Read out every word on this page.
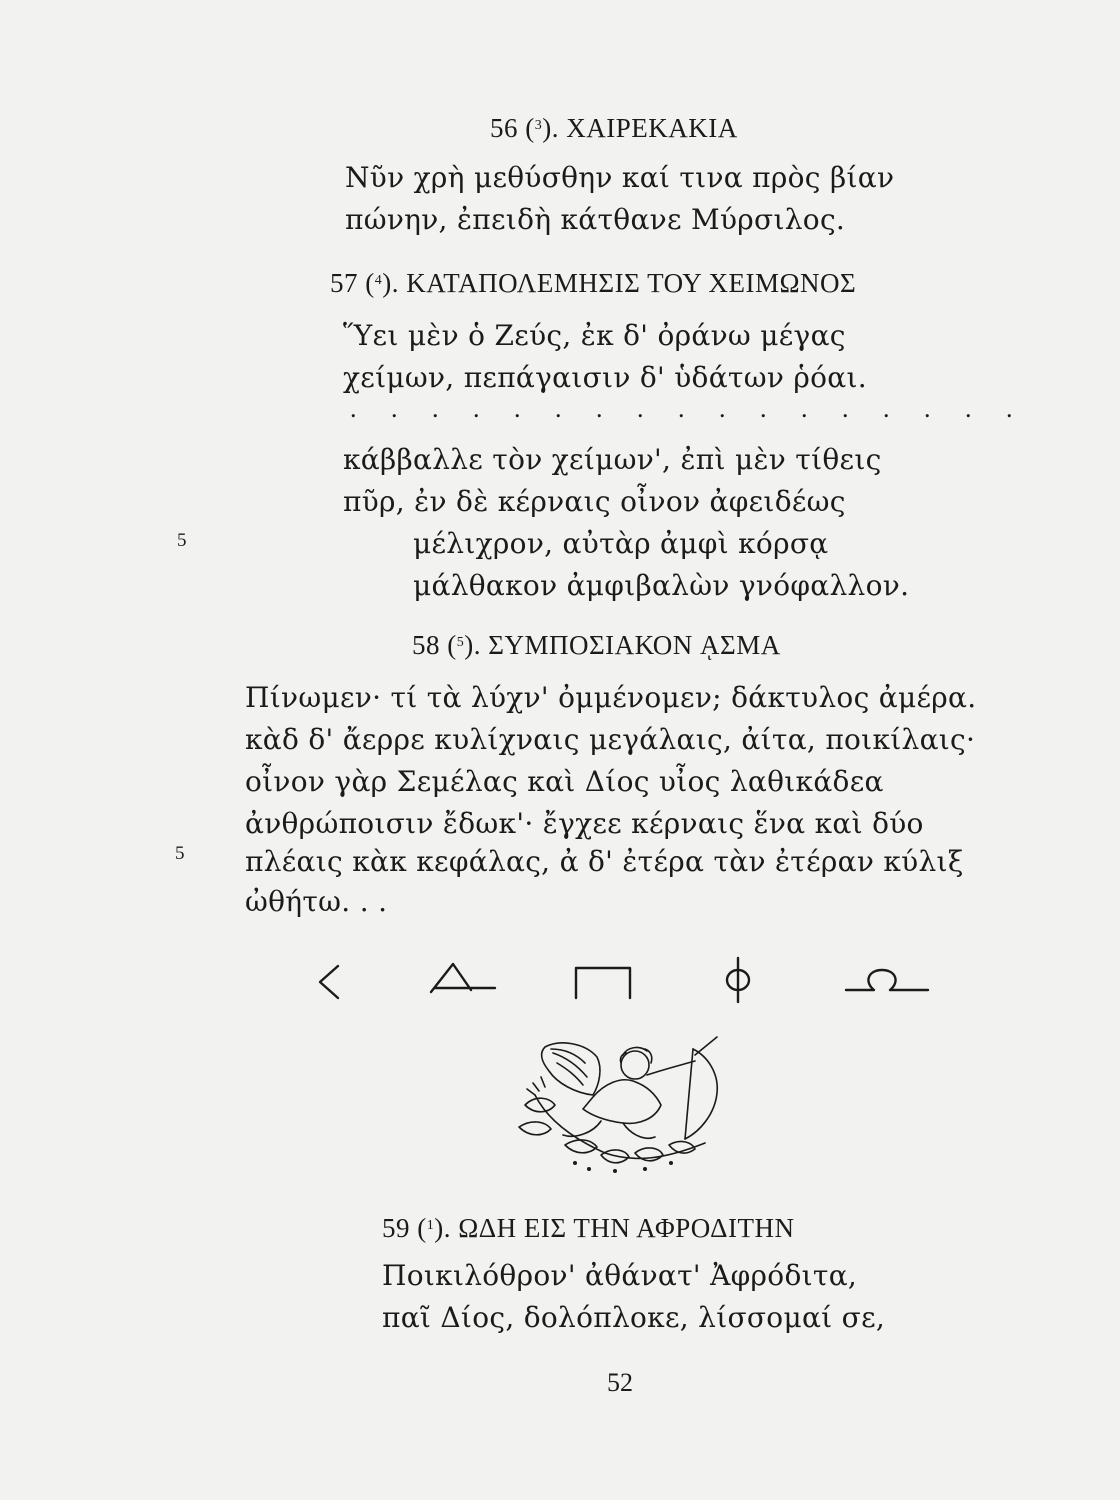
56 ($^3$). ΧΑΙΡΕΚΑΚΙΑ
Νῦν χρὴ μεθύσθην καί τινα πρὸς βίαν
πώνην, ἐπειδὴ κάτθανε Μύρσιλος.
57 ($^4$). ΚΑΤΑΠΟΛΕΜΗΣΙΣ ΤΟΥ ΧΕΙΜΩΝΟΣ
Ὕει μὲν ὁ Ζεύς, ἐκ δ' ὀράνω μέγας
χείμων, πεπάγαισιν δ' ὑδάτων ῥόαι.
. . . . . . . . . . . . . . . . .
κάββαλλε τὸν χείμων', ἐπὶ μὲν τίθεις
πῦρ, ἐν δὲ κέρναις οἶνον ἀφειδέως
5	μέλιχρον, αὐτὰρ ἀμφὶ κόρσᾳ
μάλθακον ἀμφιβαλὼν γνόφαλλον.
58 ($^5$). ΣΥΜΠΟΣΙΑΚΟΝ ᾼΣΜΑ
Πίνωμεν· τί τὰ λύχν' ὀμμένομεν; δάκτυλος ἀμέρα.
κὰδ δ' ἄερρε κυλίχναις μεγάλαις, ἀίτα, ποικίλαις·
οἶνον γὰρ Σεμέλας καὶ Δίος υἶος λαθικάδεα
ἀνθρώποισιν ἔδωκ'· ἔγχεε κέρναις ἕνα καὶ δύο
5 πλέαις κὰκ κεφάλας, ἀ δ' ἐτέρα τὰν ἐτέραν κύλιξ
ὠθήτω. . .
59 ($^1$). ΩΔΗ ΕΙΣ ΤΗΝ ΑΦΡΟΔΙΤΗΝ
Ποικιλόθρον' ἀθάνατ' Ἀφρόδιτα,
παῖ Δίος, δολόπλοκε, λίσσομαί σε,
52
